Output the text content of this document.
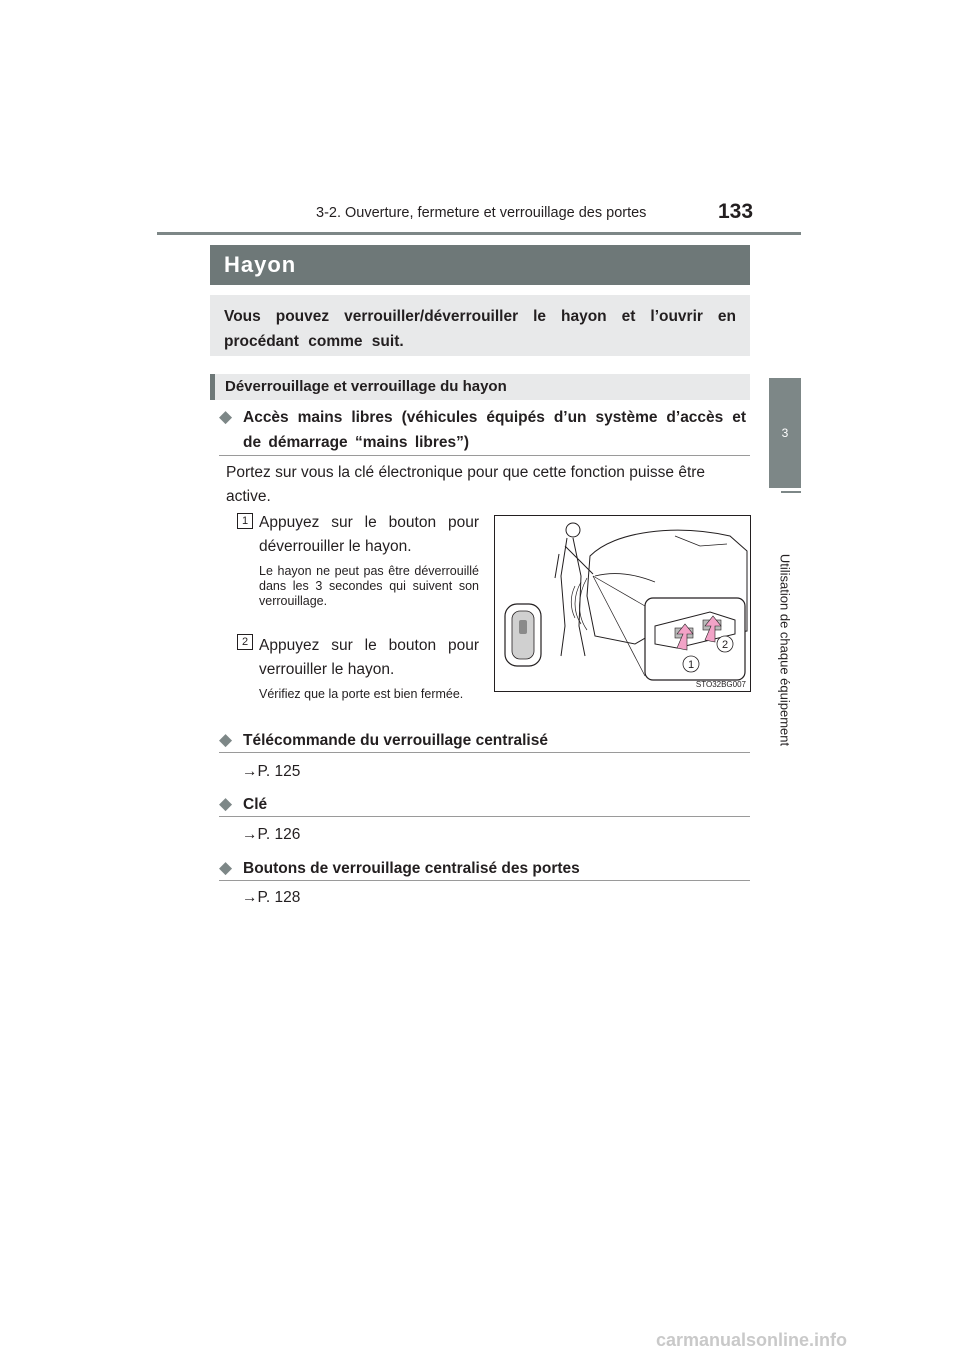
3-2. Ouverture, fermeture et verrouillage des portes	133
3
Utilisation de chaque équipement
Hayon

Vous pouvez verrouiller/déverrouiller le hayon et l’ouvrir en procédant comme suit.

Déverrouillage et verrouillage du hayon
◆ Accès mains libres (véhicules équipés d’un système d’accès et de démarrage “mains libres”)
Portez sur vous la clé électronique pour que cette fonction puisse être active.
1 Appuyez sur le bouton pour déverrouiller le hayon.
Le hayon ne peut pas être déverrouillé dans les 3 secondes qui suivent son verrouillage.
2 Appuyez sur le bouton pour verrouiller le hayon.
Vérifiez que la porte est bien fermée.
1
2
STO32BG007
◆ Télécommande du verrouillage centralisé
→P. 125
◆ Clé
→P. 126
◆ Boutons de verrouillage centralisé des portes
→P. 128
carmanualsonline.info
